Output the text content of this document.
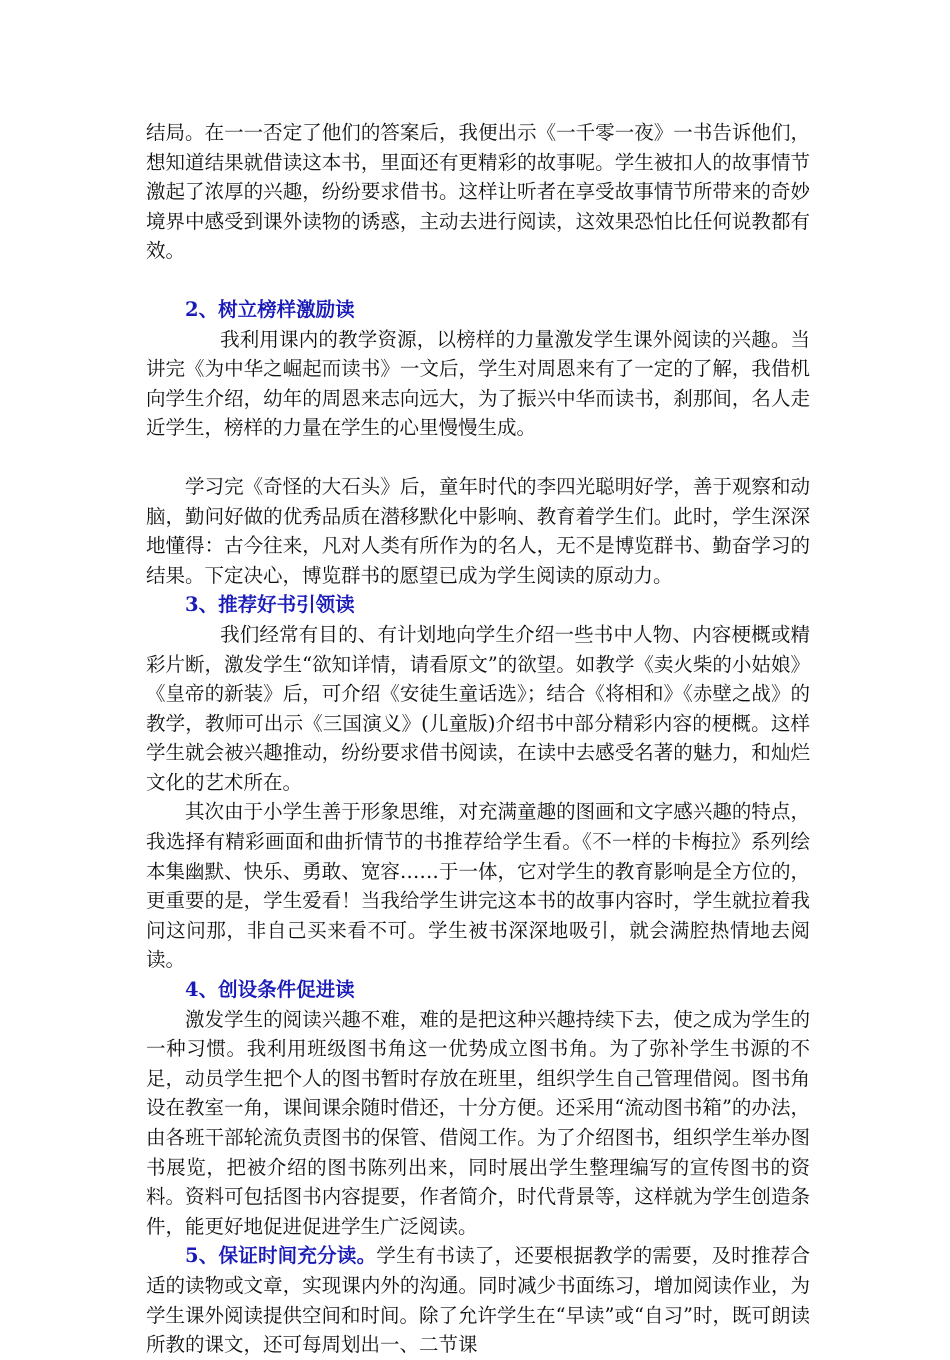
结局。在一一否定了他们的答案后，我便出示《一千零一夜》一书告诉他们，想知道结果就借读这本书，里面还有更精彩的故事呢。学生被扣人的故事情节激起了浓厚的兴趣，纷纷要求借书。这样让听者在享受故事情节所带来的奇妙境界中感受到课外读物的诱惑，主动去进行阅读，这效果恐怕比任何说教都有效。

2、树立榜样激励读

我利用课内的教学资源，以榜样的力量激发学生课外阅读的兴趣。当讲完《为中华之崛起而读书》一文后，学生对周恩来有了一定的了解，我借机向学生介绍，幼年的周恩来志向远大，为了振兴中华而读书，刹那间，名人走近学生，榜样的力量在学生的心里慢慢生成。

学习完《奇怪的大石头》后，童年时代的李四光聪明好学，善于观察和动脑，勤问好做的优秀品质在潜移默化中影响、教育着学生们。此时，学生深深地懂得：古今往来，凡对人类有所作为的名人，无不是博览群书、勤奋学习的结果。下定决心，博览群书的愿望已成为学生阅读的原动力。

3、推荐好书引领读

我们经常有目的、有计划地向学生介绍一些书中人物、内容梗概或精彩片断，激发学生“欲知详情，请看原文”的欲望。如教学《卖火柴的小姑娘》《皇帝的新装》后，可介绍《安徒生童话选》；结合《将相和》《赤壁之战》的教学，教师可出示《三国演义》(儿童版)介绍书中部分精彩内容的梗概。这样学生就会被兴趣推动，纷纷要求借书阅读，在读中去感受名著的魅力，和灿烂文化的艺术所在。

其次由于小学生善于形象思维，对充满童趣的图画和文字感兴趣的特点，我选择有精彩画面和曲折情节的书推荐给学生看。《不一样的卡梅拉》系列绘本集幽默、快乐、勇敢、宽容……于一体，它对学生的教育影响是全方位的，更重要的是，学生爱看！当我给学生讲完这本书的故事内容时，学生就拉着我问这问那，非自己买来看不可。学生被书深深地吸引，就会满腔热情地去阅读。

4、创设条件促进读

激发学生的阅读兴趣不难，难的是把这种兴趣持续下去，使之成为学生的一种习惯。我利用班级图书角这一优势成立图书角。为了弥补学生书源的不足，动员学生把个人的图书暂时存放在班里，组织学生自己管理借阅。图书角设在教室一角，课间课余随时借还，十分方便。还采用“流动图书箱”的办法，由各班干部轮流负责图书的保管、借阅工作。为了介绍图书，组织学生举办图书展览，把被介绍的图书陈列出来，同时展出学生整理编写的宣传图书的资料。资料可包括图书内容提要，作者简介，时代背景等，这样就为学生创造条件，能更好地促进促进学生广泛阅读。

5、保证时间充分读。学生有书读了，还要根据教学的需要，及时推荐合适的读物或文章，实现课内外的沟通。同时减少书面练习，增加阅读作业，为学生课外阅读提供空间和时间。除了允许学生在“早读”或“自习”时，既可朗读所教的课文，还可每周划出一、二节课
